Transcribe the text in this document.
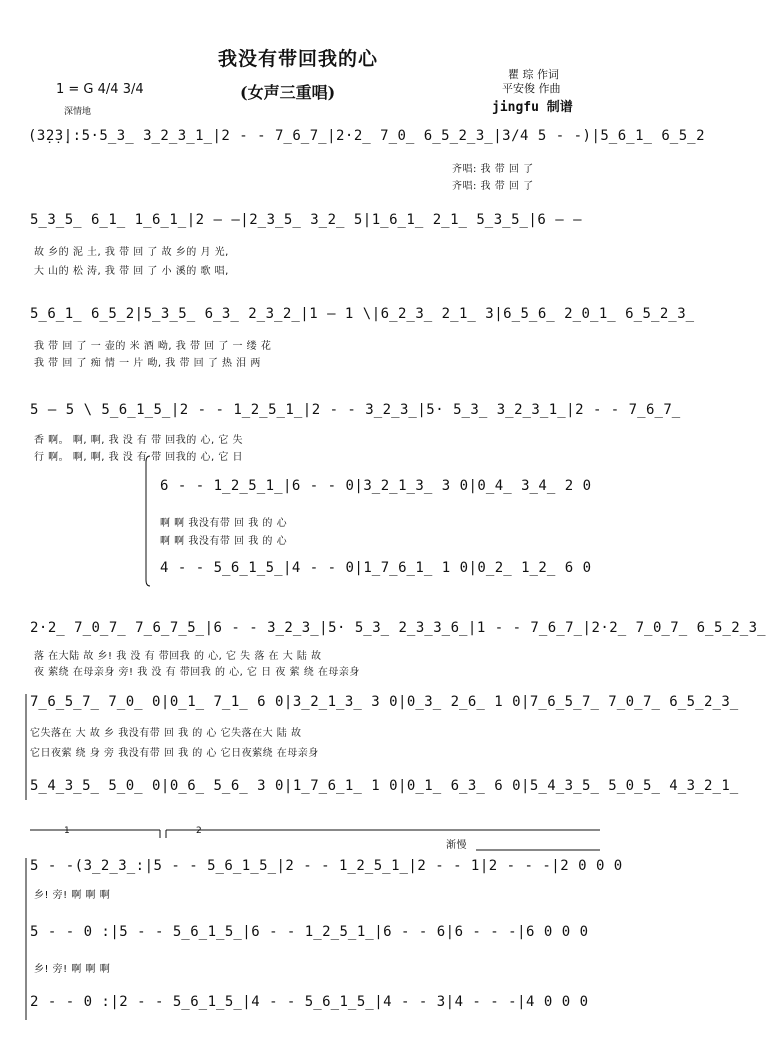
我没有带回我的心
(女声三重唱)
瞿 琮 作词
平安俊 作曲
jingfu 制谱
1 = G 4/4 3/4
深情地
(3̣2̣3̣|:5·5̲3̲ 3̲2̲3̲1̲|2 - - 7̲6̲7̲|2·2̲ 7̲0̲ 6̲5̲2̲3̲|3/4 5 - -)|5̲6̲1̲ 6̲5̲2
齐唱: 我 带 回 了
齐唱: 我 带 回 了
5̲3̲5̲ 6̲1̲ 1̲6̲1̲|2 — —|2̲3̲5̲ 3̲2̲ 5|1̲6̲1̲ 2̲1̲ 5̲3̲5̲|6 — —
故 乡的 泥 土, 我 带 回 了 故 乡的 月 光,
大 山的 松 涛, 我 带 回 了 小 溪的 歌 唱,
5̲6̲1̲ 6̲5̲2|5̲3̲5̲ 6̲3̲ 2̲3̲2̲|1 — 1 \|6̲2̲3̲ 2̲1̲ 3|6̲5̲6̲ 2̲0̲1̲ 6̲5̲2̲3̲
我 带 回 了 一 壶的 米 酒 呦, 我 带 回 了 一 缕 花
我 带 回 了 痴 情 一 片 呦, 我 带 回 了 热 泪 两
5 — 5 \ 5̲6̲1̲5̲|2 - - 1̲2̲5̲1̲|2 - - 3̲2̲3̲|5· 5̲3̲ 3̲2̲3̲1̲|2 - - 7̲6̲7̲
香 啊。 啊, 啊, 我 没 有 带 回我的 心, 它 失
行 啊。 啊, 啊, 我 没 有 带 回我的 心, 它 日
6 - - 1̲2̲5̲1̲|6 - - 0|3̲2̲1̲3̲ 3 0|0̲4̲ 3̲4̲ 2 0
啊 啊 我没有带 回 我 的 心
啊 啊 我没有带 回 我 的 心
4 - - 5̲6̲1̲5̲|4 - - 0|1̲7̲6̲1̲ 1 0|0̲2̲ 1̲2̲ 6 0
2·2̲ 7̲0̲7̲ 7̲6̲7̲5̲|6 - - 3̲2̲3̲|5· 5̲3̲ 2̲3̲3̲6̲|1 - - 7̲6̲7̲|2·2̲ 7̲0̲7̲ 6̲5̲2̲3̲
落 在大陆 故 乡! 我 没 有 带回我 的 心, 它 失 落 在 大 陆 故
夜 萦绕 在母亲身 旁! 我 没 有 带回我 的 心, 它 日 夜 萦 绕 在母亲身
7̲6̲5̲7̲ 7̲0̲ 0|0̲1̲ 7̲1̲ 6 0|3̲2̲1̲3̲ 3 0|0̲3̲ 2̲6̲ 1 0|7̲6̲5̲7̲ 7̲0̲7̲ 6̲5̲2̲3̲
它失落在 大 故 乡 我没有带 回 我 的 心 它失落在大 陆 故
它日夜萦 绕 身 旁 我没有带 回 我 的 心 它日夜萦绕 在母亲身
5̲4̲3̲5̲ 5̲0̲ 0|0̲6̲ 5̲6̲ 3 0|1̲7̲6̲1̲ 1 0|0̲1̲ 6̲3̲ 6 0|5̲4̲3̲5̲ 5̲0̲5̲ 4̲3̲2̲1̲
1	2
渐慢
5 - -(3̲2̲3̲:|5 - - 5̲6̲1̲5̲|2 - - 1̲2̲5̲1̲|2 - - 1|2 - - -|2 0 0 0
乡! 旁! 啊 啊 啊
5 - - 0 :|5 - - 5̲6̲1̲5̲|6 - - 1̲2̲5̲1̲|6 - - 6|6 - - -|6 0 0 0
乡! 旁! 啊 啊 啊
2 - - 0 :|2 - - 5̲6̲1̲5̲|4 - - 5̲6̲1̲5̲|4 - - 3|4 - - -|4 0 0 0
